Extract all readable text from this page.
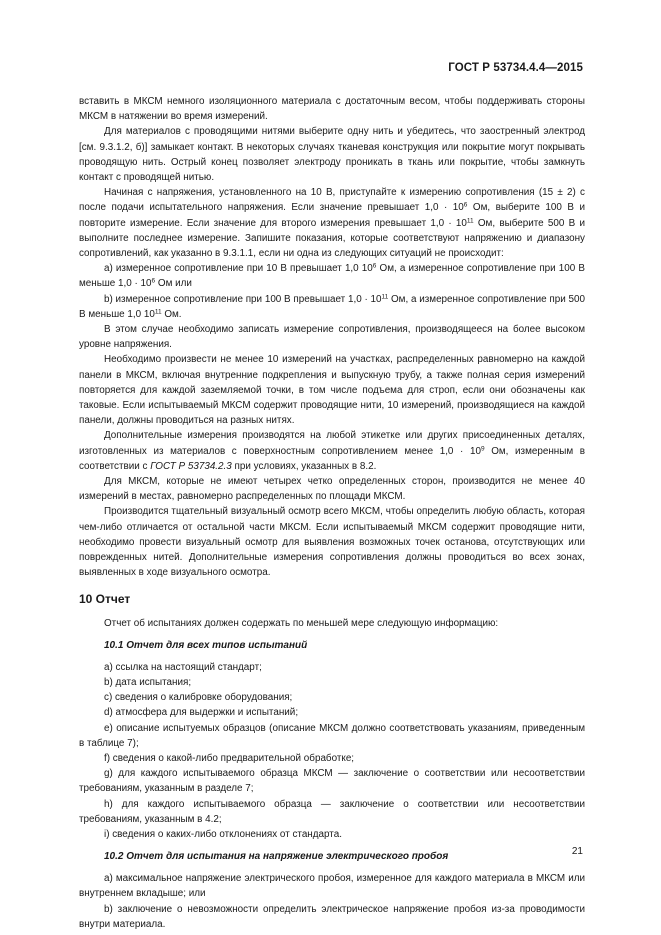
ГОСТ Р 53734.4.4—2015

вставить в МКСМ немного изоляционного материала с достаточным весом, чтобы поддерживать стороны МКСМ в натяжении во время измерений.

Для материалов с проводящими нитями выберите одну нить и убедитесь, что заостренный электрод [см. 9.3.1.2, б)] замыкает контакт. В некоторых случаях тканевая конструкция или покрытие могут покрывать проводящую нить. Острый конец позволяет электроду проникать в ткань или покрытие, чтобы замкнуть контакт с проводящей нитью.

Начиная с напряжения, установленного на 10 В, приступайте к измерению сопротивления (15 ± 2) с после подачи испытательного напряжения. Если значение превышает $1,0 \cdot 10^6$ Ом, выберите 100 В и повторите измерение. Если значение для второго измерения превышает $1,0 \cdot 10^{11}$ Ом, выберите 500 В и выполните последнее измерение. Запишите показания, которые соответствуют напряжению и диапазону сопротивлений, как указанно в 9.3.1.1, если ни одна из следующих ситуаций не происходит:

а) измеренное сопротивление при 10 В превышает 1,0 $10^6$ Ом, а измеренное сопротивление при 100 В меньше $1,0 \cdot 10^6$ Ом или

b) измеренное сопротивление при 100 В превышает $1,0 \cdot 10^{11}$ Ом, а измеренное сопротивление при 500 В меньше 1,0 $10^{11}$ Ом.

В этом случае необходимо записать измерение сопротивления, производящееся на более высоком уровне напряжения.

Необходимо произвести не менее 10 измерений на участках, распределенных равномерно на каждой панели в МКСМ, включая внутренние подкрепления и выпускную трубу, а также полная серия измерений повторяется для каждой заземляемой точки, в том числе подъема для строп, если они обозначены как таковые. Если испытываемый МКСМ содержит проводящие нити, 10 измерений, производящиеся на каждой панели, должны проводиться на разных нитях.

Дополнительные измерения производятся на любой этикетке или других присоединенных деталях, изготовленных из материалов с поверхностным сопротивлением менее $1,0 \cdot 10^9$ Ом, измеренным в соответствии с ГОСТ Р 53734.2.3 при условиях, указанных в 8.2.

Для МКСМ, которые не имеют четырех четко определенных сторон, производится не менее 40 измерений в местах, равномерно распределенных по площади МКСМ.

Производится тщательный визуальный осмотр всего МКСМ, чтобы определить любую область, которая чем-либо отличается от остальной части МКСМ. Если испытываемый МКСМ содержит проводящие нити, необходимо провести визуальный осмотр для выявления возможных точек останова, отсутствующих или поврежденных нитей. Дополнительные измерения сопротивления должны проводиться во всех зонах, выявленных в ходе визуального осмотра.

10 Отчет

Отчет об испытаниях должен содержать по меньшей мере следующую информацию:

10.1 Отчет для всех типов испытаний

а) ссылка на настоящий стандарт;

b) дата испытания;

c) сведения о калибровке оборудования;

d) атмосфера для выдержки и испытаний;

е) описание испытуемых образцов (описание МКСМ должно соответствовать указаниям, приведенным в таблице 7);

f) сведения о какой-либо предварительной обработке;

g) для каждого испытываемого образца МКСМ — заключение о соответствии или несоответствии требованиям, указанным в разделе 7;

h) для каждого испытываемого образца — заключение о соответствии или несоответствии требованиям, указанным в 4.2;

i) сведения о каких-либо отклонениях от стандарта.

10.2 Отчет для испытания на напряжение электрического пробоя

а) максимальное напряжение электрического пробоя, измеренное для каждого материала в МКСМ или внутреннем вкладыше; или

b) заключение о невозможности определить электрическое напряжение пробоя из-за проводимости внутри материала.

21
